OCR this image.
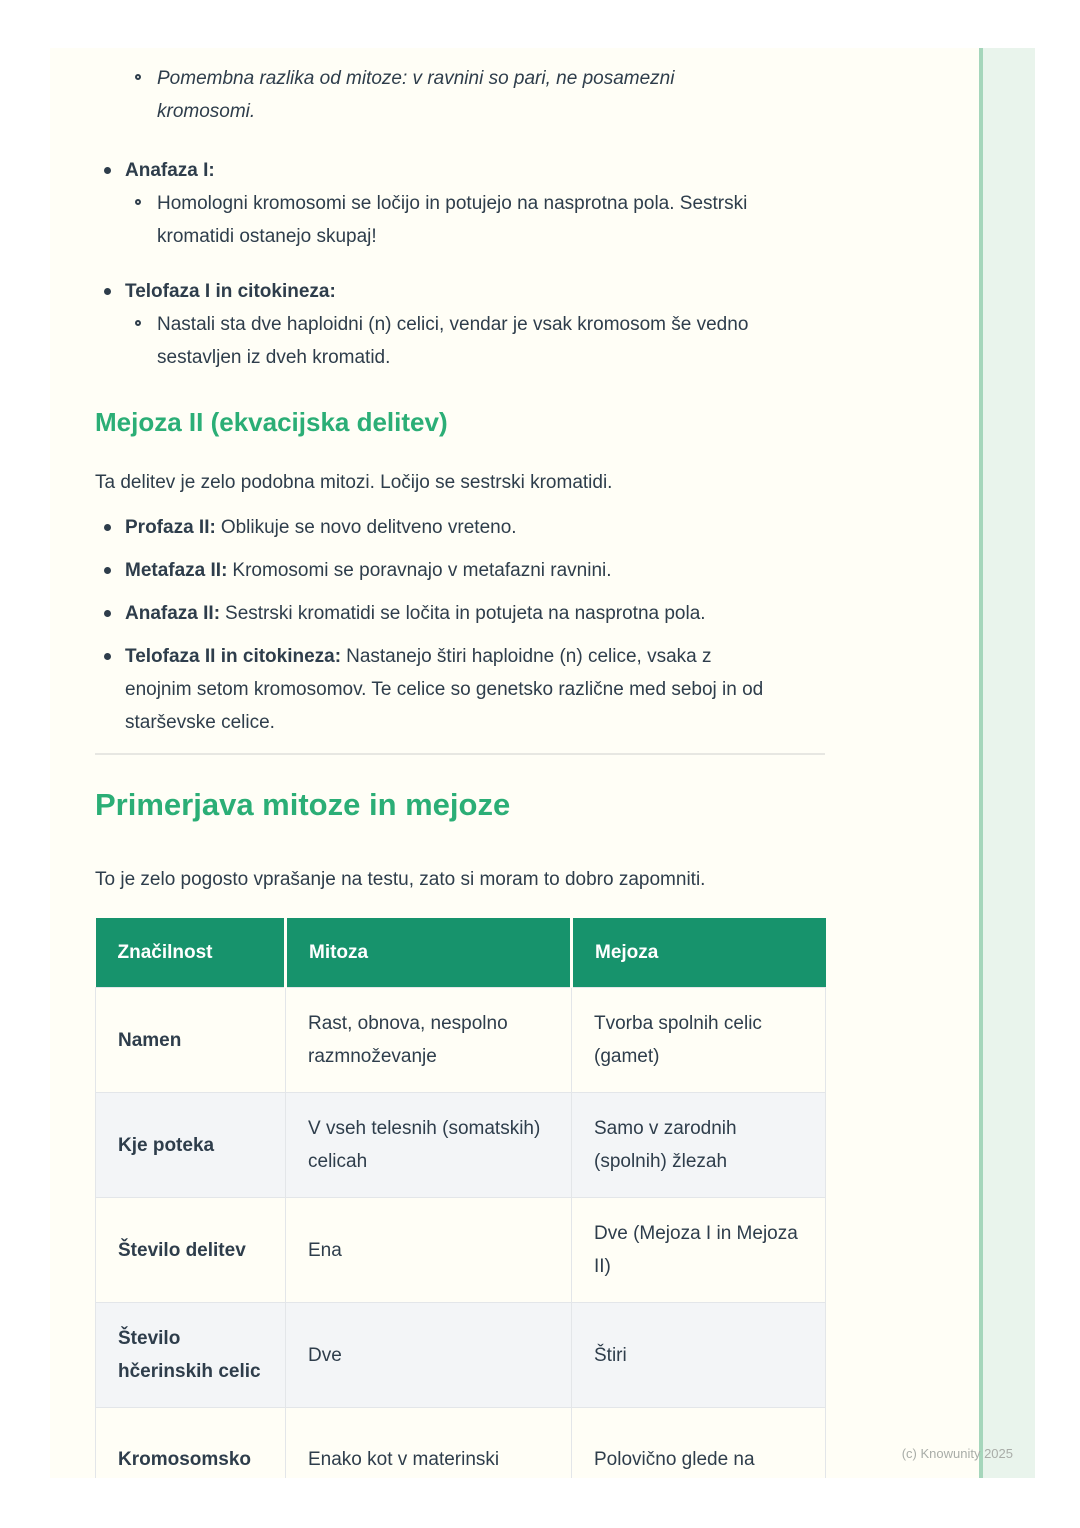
Pomembna razlika od mitoze: v ravnini so pari, ne posamezni kromosomi.
Anafaza I:
Homologni kromosomi se ločijo in potujejo na nasprotna pola. Sestrski kromatidi ostanejo skupaj!
Telofaza I in citokineza:
Nastali sta dve haploidni (n) celici, vendar je vsak kromosom še vedno sestavljen iz dveh kromatid.
Mejoza II (ekvacijska delitev)

Ta delitev je zelo podobna mitozi. Ločijo se sestrski kromatidi.

Profaza II: Oblikuje se novo delitveno vreteno.
Metafaza II: Kromosomi se poravnajo v metafazni ravnini.
Anafaza II: Sestrski kromatidi se ločita in potujeta na nasprotna pola.
Telofaza II in citokineza: Nastanejo štiri haploidne (n) celice, vsaka z enojnim setom kromosomov. Te celice so genetsko različne med seboj in od starševske celice.
Primerjava mitoze in mejoze

To je zelo pogosto vprašanje na testu, zato si moram to dobro zapomniti.

Značilnost	Mitoza	Mejoza
Namen	Rast, obnova, nespolno razmnoževanje	Tvorba spolnih celic (gamet)
Kje poteka	V vseh telesnih (somatskih) celicah	Samo v zarodnih (spolnih) žlezah
Število delitev	Ena	Dve (Mejoza I in Mejoza II)
Število hčerinskih celic	Dve	Štiri
Kromosomsko	Enako kot v materinski	Polovično glede na	(c) Knowunity 2025
